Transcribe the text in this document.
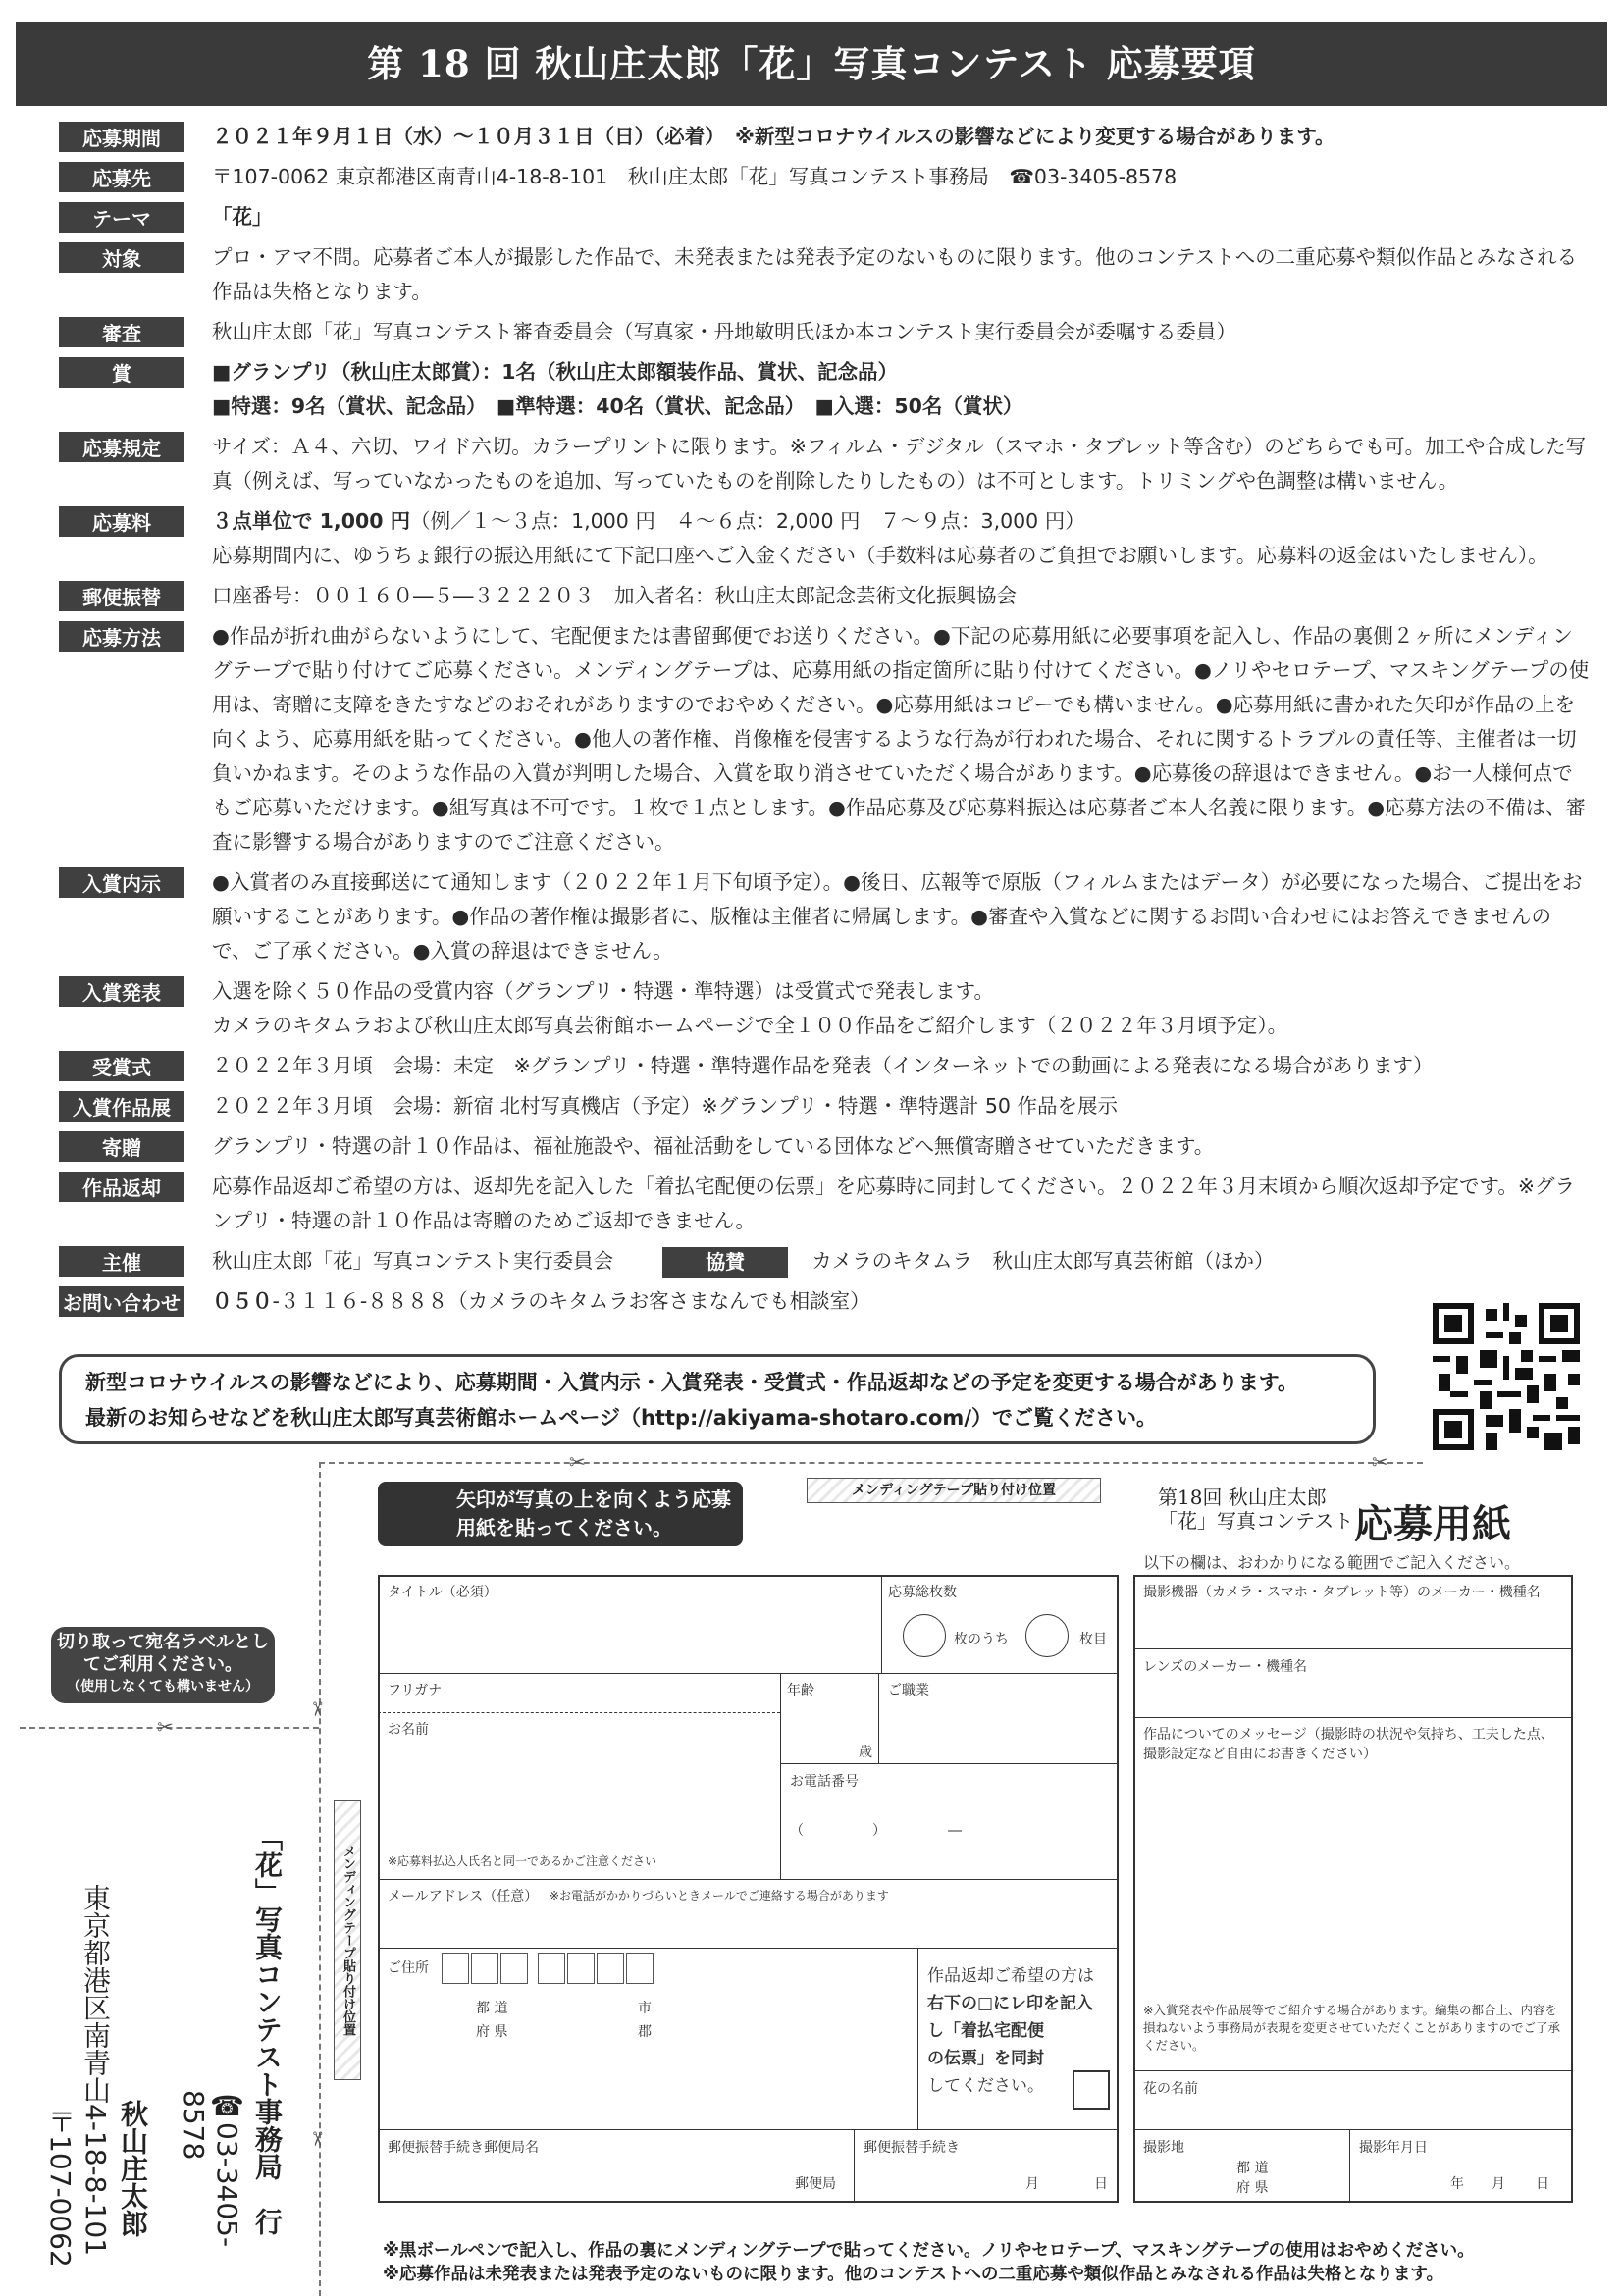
第 18 回 秋山庄太郎「花」写真コンテスト 応募要項
応募期間	２０２１年９月１日（水）～１０月３１日（日）（必着）　※新型コロナウイルスの影響などにより変更する場合があります。
応募先	〒107-0062 東京都港区南青山4-18-8-101　秋山庄太郎「花」写真コンテスト事務局　☎03-3405-8578
テーマ	「花」
対象	プロ・アマ不問。応募者ご本人が撮影した作品で、未発表または発表予定のないものに限ります。他のコンテストへの二重応募や類似作品とみなされる作品は失格となります。
審査	秋山庄太郎「花」写真コンテスト審査委員会（写真家・丹地敏明氏ほか本コンテスト実行委員会が委嘱する委員）
賞	■グランプリ（秋山庄太郎賞）：1名（秋山庄太郎額装作品、賞状、記念品）
■特選：9名（賞状、記念品）　■準特選：40名（賞状、記念品）　■入選：50名（賞状）
応募規定	サイズ：Ａ４、六切、ワイド六切。カラープリントに限ります。※フィルム・デジタル（スマホ・タブレット等含む）のどちらでも可。加工や合成した写真（例えば、写っていなかったものを追加、写っていたものを削除したりしたもの）は不可とします。トリミングや色調整は構いません。
応募料	３点単位で 1,000 円（例／１～３点：1,000 円　４～６点：2,000 円　７～９点：3,000 円）
応募期間内に、ゆうちょ銀行の振込用紙にて下記口座へご入金ください（手数料は応募者のご負担でお願いします。応募料の返金はいたしません）。
郵便振替	口座番号：００１６０―５―３２２２０３　加入者名：秋山庄太郎記念芸術文化振興協会
応募方法	●作品が折れ曲がらないようにして、宅配便または書留郵便でお送りください。●下記の応募用紙に必要事項を記入し、作品の裏側２ヶ所にメンディングテープで貼り付けてご応募ください。メンディングテープは、応募用紙の指定箇所に貼り付けてください。●ノリやセロテープ、マスキングテープの使用は、寄贈に支障をきたすなどのおそれがありますのでおやめください。●応募用紙はコピーでも構いません。●応募用紙に書かれた矢印が作品の上を向くよう、応募用紙を貼ってください。●他人の著作権、肖像権を侵害するような行為が行われた場合、それに関するトラブルの責任等、主催者は一切負いかねます。そのような作品の入賞が判明した場合、入賞を取り消させていただく場合があります。●応募後の辞退はできません。●お一人様何点でもご応募いただけます。●組写真は不可です。１枚で１点とします。●作品応募及び応募料振込は応募者ご本人名義に限ります。●応募方法の不備は、審査に影響する場合がありますのでご注意ください。
入賞内示	●入賞者のみ直接郵送にて通知します（２０２２年１月下旬頃予定）。●後日、広報等で原版（フィルムまたはデータ）が必要になった場合、ご提出をお願いすることがあります。●作品の著作権は撮影者に、版権は主催者に帰属します。●審査や入賞などに関するお問い合わせにはお答えできませんので、ご了承ください。●入賞の辞退はできません。
入賞発表	入選を除く５０作品の受賞内容（グランプリ・特選・準特選）は受賞式で発表します。
カメラのキタムラおよび秋山庄太郎写真芸術館ホームページで全１００作品をご紹介します（２０２２年３月頃予定）。
受賞式	２０２２年３月頃　会場：未定　※グランプリ・特選・準特選作品を発表（インターネットでの動画による発表になる場合があります）
入賞作品展	２０２２年３月頃　会場：新宿 北村写真機店（予定）※グランプリ・特選・準特選計 50 作品を展示
寄贈	グランプリ・特選の計１０作品は、福祉施設や、福祉活動をしている団体などへ無償寄贈させていただきます。
作品返却	応募作品返却ご希望の方は、返却先を記入した「着払宅配便の伝票」を応募時に同封してください。２０２２年３月末頃から順次返却予定です。※グランプリ・特選の計１０作品は寄贈のためご返却できません。
主催	秋山庄太郎「花」写真コンテスト実行委員会	協賛	カメラのキタムラ　秋山庄太郎写真芸術館（ほか）
お問い合わせ ０５０-３１１６-８８８８（カメラのキタムラお客さまなんでも相談室）
新型コロナウイルスの影響などにより、応募期間・入賞内示・入賞発表・受賞式・作品返却などの予定を変更する場合があります。
最新のお知らせなどを秋山庄太郎写真芸術館ホームページ（http://akiyama-shotaro.com/）でご覧ください。
✂	✂
✂
✂
✂
切り取って宛名ラベルとしてご利用ください。
（使用しなくても構いません）
「花」写真コンテスト事務局　行
☎03-3405-8578
秋山庄太郎
東京都港区南青山4-18-8-101
〒107-0062
矢印が写真の上を向くよう応募用紙を貼ってください。
メンディングテープ貼り付け位置	第18回 秋山庄太郎
「花」写真コンテスト 応募用紙
以下の欄は、おわかりになる範囲でご記入ください。
メンディングテープ貼り付け位置
タイトル（必須）	応募総枚数
枚のうち	枚目
フリガナ	年齢	ご職業
お名前
歳
お電話番号
（　　　　　）　　　　　―
※応募料払込人氏名と同一であるかご注意ください
メールアドレス（任意） ※お電話がかかりづらいときメールでご連絡する場合があります
ご住所
都 道
府 県
市
郡
作品返却ご希望の方は
右下の□にレ印を記入
し「着払宅配便
の伝票」を同封
してください。
郵便振替手続き郵便局名
郵便局
郵便振替手続き
月	日
撮影機器（カメラ・スマホ・タブレット等）のメーカー・機種名
レンズのメーカー・機種名
作品についてのメッセージ（撮影時の状況や気持ち、工夫した点、撮影設定など自由にお書きください）
※入賞発表や作品展等でご紹介する場合があります。編集の都合上、内容を損ねないよう事務局が表現を変更させていただくことがありますのでご了承ください。
花の名前
撮影地
都 道
府 県
撮影年月日
年 月 日
※黒ボールペンで記入し、作品の裏にメンディングテープで貼ってください。ノリやセロテープ、マスキングテープの使用はおやめください。
※応募作品は未発表または発表予定のないものに限ります。他のコンテストへの二重応募や類似作品とみなされる作品は失格となります。
